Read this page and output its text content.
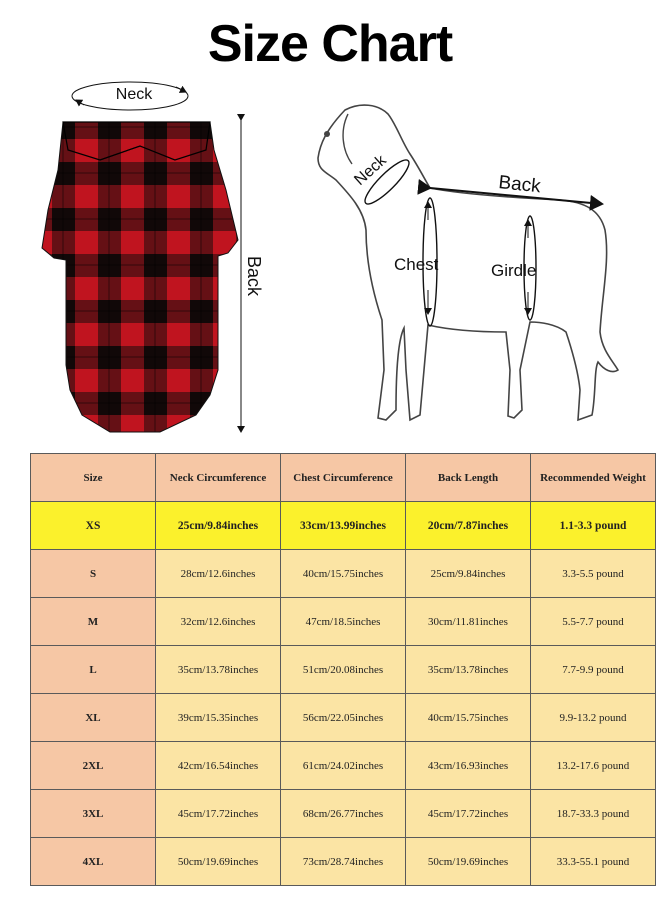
Size Chart
Neck
Back
Neck	Back
Chest	Girdle
Size	Neck Circumference	Chest Circumference	Back Length	Recommended Weight
XS	25cm/9.84inches	33cm/13.99inches	20cm/7.87inches	1.1-3.3 pound
S	28cm/12.6inches	40cm/15.75inches	25cm/9.84inches	3.3-5.5 pound
M	32cm/12.6inches	47cm/18.5inches	30cm/11.81inches	5.5-7.7 pound
L	35cm/13.78inches	51cm/20.08inches	35cm/13.78inches	7.7-9.9 pound
XL	39cm/15.35inches	56cm/22.05inches	40cm/15.75inches	9.9-13.2 pound
2XL	42cm/16.54inches	61cm/24.02inches	43cm/16.93inches	13.2-17.6 pound
3XL	45cm/17.72inches	68cm/26.77inches	45cm/17.72inches	18.7-33.3 pound
4XL	50cm/19.69inches	73cm/28.74inches	50cm/19.69inches	33.3-55.1 pound
